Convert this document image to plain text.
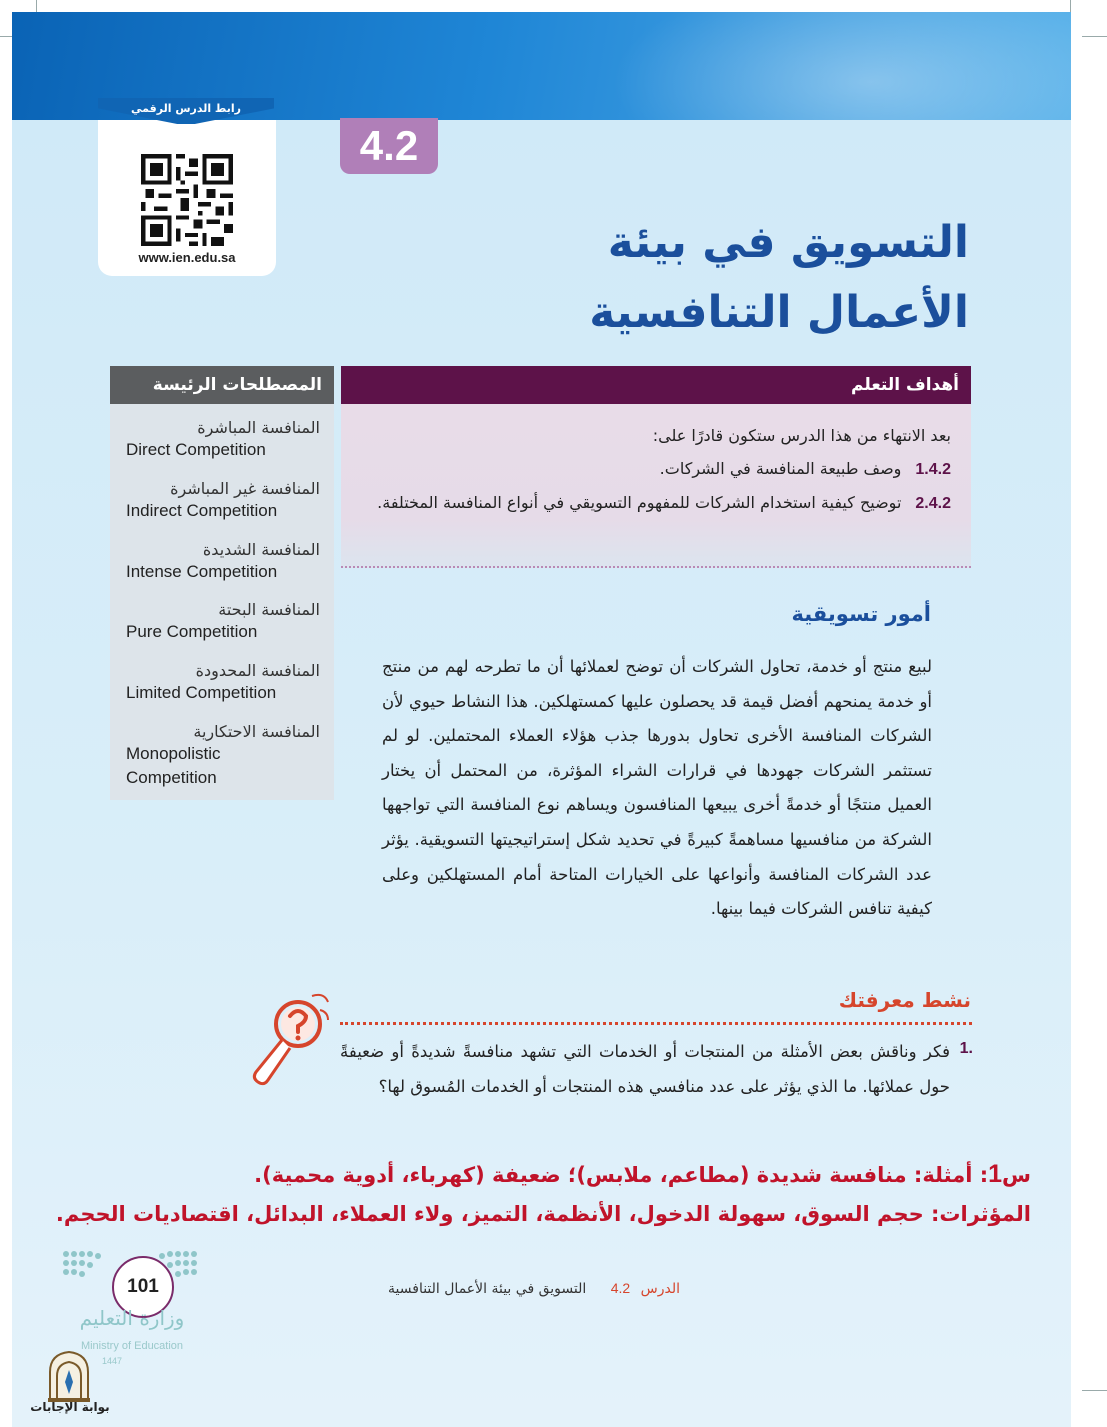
رابط الدرس الرقمي
www.ien.edu.sa
4.2
التسويق في بيئة
الأعمال التنافسية
المصطلحات الرئيسة
المنافسة المباشرة
Direct Competition
المنافسة غير المباشرة
Indirect Competition
المنافسة الشديدة
Intense Competition
المنافسة البحتة
Pure Competition
المنافسة المحدودة
Limited Competition
المنافسة الاحتكارية
Monopolistic Competition
أهداف التعلم
بعد الانتهاء من هذا الدرس ستكون قادرًا على:
1.4.2وصف طبيعة المنافسة في الشركات.
2.4.2توضيح كيفية استخدام الشركات للمفهوم التسويقي في أنواع المنافسة المختلفة.
أمور تسويقية
لبيع منتج أو خدمة، تحاول الشركات أن توضح لعملائها أن ما تطرحه لهم من منتج أو خدمة يمنحهم أفضل قيمة قد يحصلون عليها كمستهلكين. هذا النشاط حيوي لأن الشركات المنافسة الأخرى تحاول بدورها جذب هؤلاء العملاء المحتملين. لو لم تستثمر الشركات جهودها في قرارات الشراء المؤثرة، من المحتمل أن يختار العميل منتجًا أو خدمةً أخرى يبيعها المنافسون ويساهم نوع المنافسة التي تواجهها الشركة من منافسيها مساهمةً كبيرةً في تحديد شكل إستراتيجيتها التسويقية. يؤثر عدد الشركات المنافسة وأنواعها على الخيارات المتاحة أمام المستهلكين وعلى كيفية تنافس الشركات فيما بينها.
نشط معرفتك
1.
فكر وناقش بعض الأمثلة من المنتجات أو الخدمات التي تشهد منافسةً شديدةً أو ضعيفةً حول عملائها. ما الذي يؤثر على عدد منافسي هذه المنتجات أو الخدمات المُسوق لها؟
س1: أمثلة: منافسة شديدة (مطاعم، ملابس)؛ ضعيفة (كهرباء، أدوية محمية).
المؤثرات: حجم السوق، سهولة الدخول، الأنظمة، التميز، ولاء العملاء، البدائل، اقتصاديات الحجم.
101
وزارة التعليم
Ministry of Education
1447
الدرس 4.2 التسويق في بيئة الأعمال التنافسية
بوابة الإجابات
